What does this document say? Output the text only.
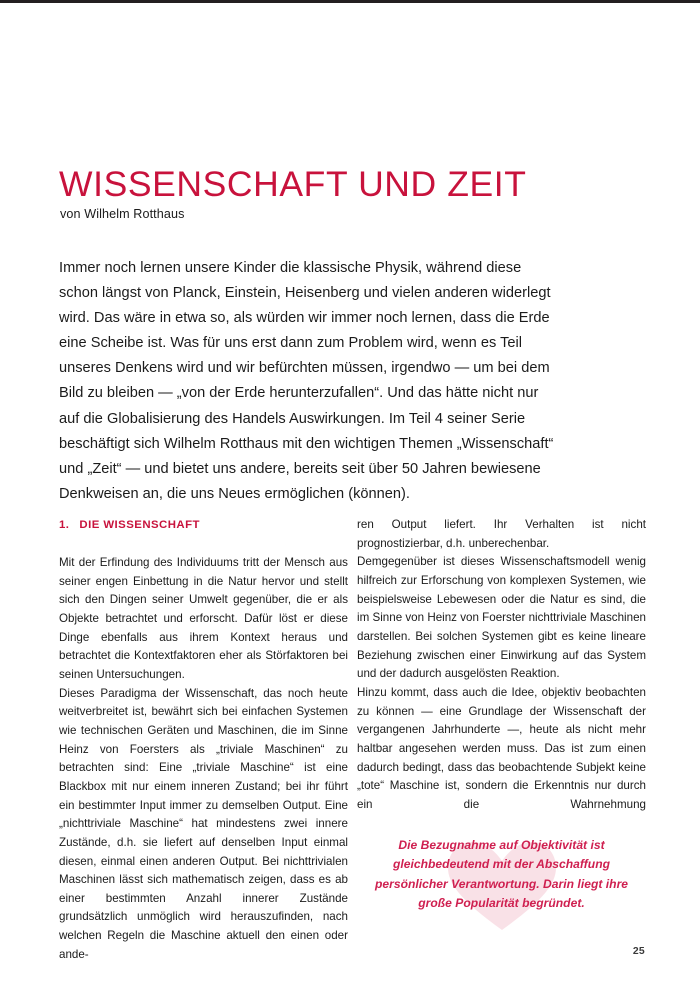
WISSENSCHAFT UND ZEIT
von Wilhelm Rotthaus
Immer noch lernen unsere Kinder die klassische Physik, während diese schon längst von Planck, Einstein, Heisenberg und vielen anderen widerlegt wird. Das wäre in etwa so, als würden wir immer noch lernen, dass die Erde eine Scheibe ist. Was für uns erst dann zum Problem wird, wenn es Teil unseres Denkens wird und wir befürchten müssen, irgendwo — um bei dem Bild zu bleiben — „von der Erde herunterzufallen“. Und das hätte nicht nur auf die Globalisierung des Handels Auswirkungen. Im Teil 4 seiner Serie beschäftigt sich Wilhelm Rotthaus mit den wichtigen Themen „Wissenschaft“ und „Zeit“ — und bietet uns andere, bereits seit über 50 Jahren bewiesene Denkweisen an, die uns Neues ermöglichen (können).
1. DIE WISSENSCHAFT

Mit der Erfindung des Individuums tritt der Mensch aus seiner engen Einbettung in die Natur hervor und stellt sich den Dingen seiner Umwelt gegenüber, die er als Objekte betrachtet und erforscht. Dafür löst er diese Dinge ebenfalls aus ihrem Kontext heraus und betrachtet die Kontextfaktoren eher als Störfaktoren bei seinen Untersuchungen.

Dieses Paradigma der Wissenschaft, das noch heute weitverbreitet ist, bewährt sich bei einfachen Systemen wie technischen Geräten und Maschinen, die im Sinne Heinz von Foersters als „triviale Maschinen“ zu betrachten sind: Eine „triviale Maschine“ ist eine Blackbox mit nur einem inneren Zustand; bei ihr führt ein bestimmter Input immer zu demselben Output. Eine „nichttriviale Maschine“ hat mindestens zwei innere Zustände, d.h. sie liefert auf denselben Input einmal diesen, einmal einen anderen Output. Bei nichttrivialen Maschinen lässt sich mathematisch zeigen, dass es ab einer bestimmten Anzahl innerer Zustände grundsätzlich unmöglich wird herauszufinden, nach welchen Regeln die Maschine aktuell den einen oder ande-

ren Output liefert. Ihr Verhalten ist nicht prognostizierbar, d.h. unberechenbar.

Demgegenüber ist dieses Wissenschaftsmodell wenig hilfreich zur Erforschung von komplexen Systemen, wie beispielsweise Lebewesen oder die Natur es sind, die im Sinne von Heinz von Foerster nichttriviale Maschinen darstellen. Bei solchen Systemen gibt es keine lineare Beziehung zwischen einer Einwirkung auf das System und der dadurch ausgelösten Reaktion.

Hinzu kommt, dass auch die Idee, objektiv beobachten zu können — eine Grundlage der Wissenschaft der vergangenen Jahrhunderte —, heute als nicht mehr haltbar angesehen werden muss. Das ist zum einen dadurch bedingt, dass das beobachtende Subjekt keine „tote“ Maschine ist, sondern die Erkenntnis nur durch ein die Wahrnehmung

Die Bezugnahme auf Objektivität ist gleichbedeutend mit der Abschaffung persönlicher Verantwortung. Darin liegt ihre große Popularität begründet.
25
